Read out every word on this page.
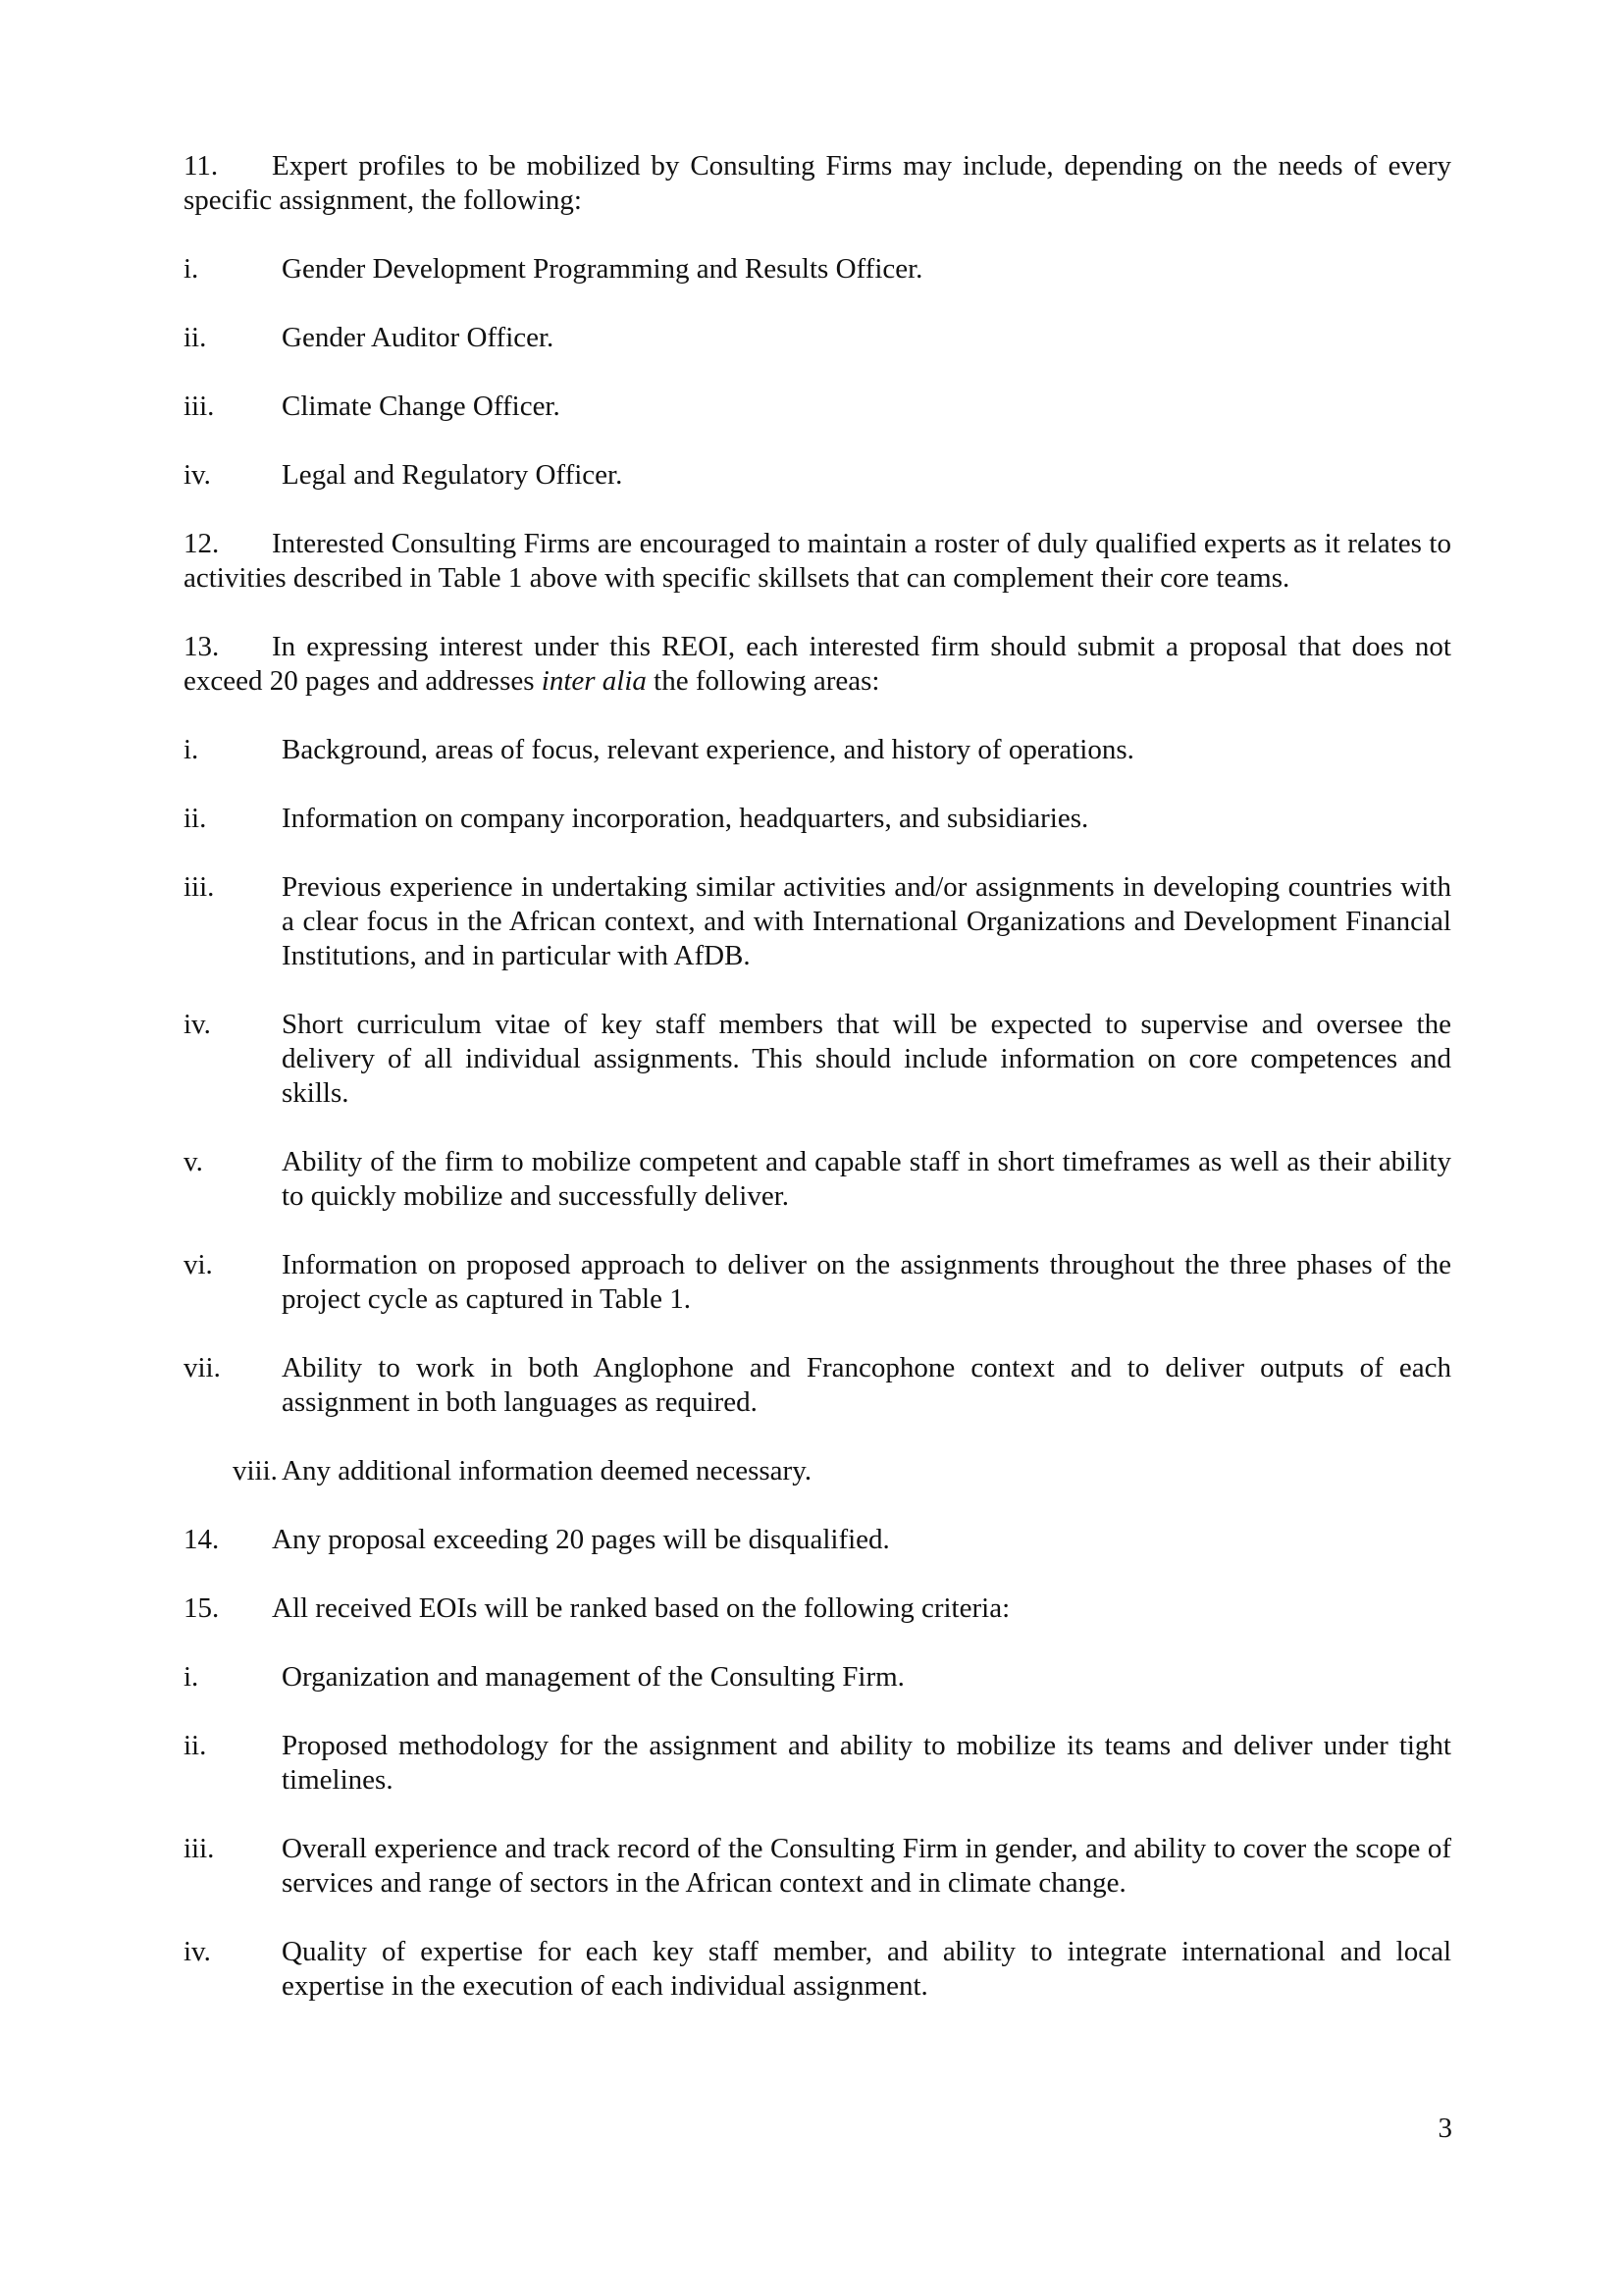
11. Expert profiles to be mobilized by Consulting Firms may include, depending on the needs of every specific assignment, the following:

i.	Gender Development Programming and Results Officer.
ii.	Gender Auditor Officer.
iii.	Climate Change Officer.
iv.	Legal and Regulatory Officer.

12. Interested Consulting Firms are encouraged to maintain a roster of duly qualified experts as it relates to activities described in Table 1 above with specific skillsets that can complement their core teams.

13. In expressing interest under this REOI, each interested firm should submit a proposal that does not exceed 20 pages and addresses inter alia the following areas:

i.	Background, areas of focus, relevant experience, and history of operations.
ii.	Information on company incorporation, headquarters, and subsidiaries.
iii.	Previous experience in undertaking similar activities and/or assignments in developing countries with a clear focus in the African context, and with International Organizations and Development Financial Institutions, and in particular with AfDB.
iv.	Short curriculum vitae of key staff members that will be expected to supervise and oversee the delivery of all individual assignments. This should include information on core competences and skills.
v.	Ability of the firm to mobilize competent and capable staff in short timeframes as well as their ability to quickly mobilize and successfully deliver.
vi.	Information on proposed approach to deliver on the assignments throughout the three phases of the project cycle as captured in Table 1.
vii.	Ability to work in both Anglophone and Francophone context and to deliver outputs of each assignment in both languages as required.
viii. Any additional information deemed necessary.

14. Any proposal exceeding 20 pages will be disqualified.

15. All received EOIs will be ranked based on the following criteria:

i.	Organization and management of the Consulting Firm.
ii.	Proposed methodology for the assignment and ability to mobilize its teams and deliver under tight timelines.
iii.	Overall experience and track record of the Consulting Firm in gender, and ability to cover the scope of services and range of sectors in the African context and in climate change.
iv.	Quality of expertise for each key staff member, and ability to integrate international and local expertise in the execution of each individual assignment.
3
